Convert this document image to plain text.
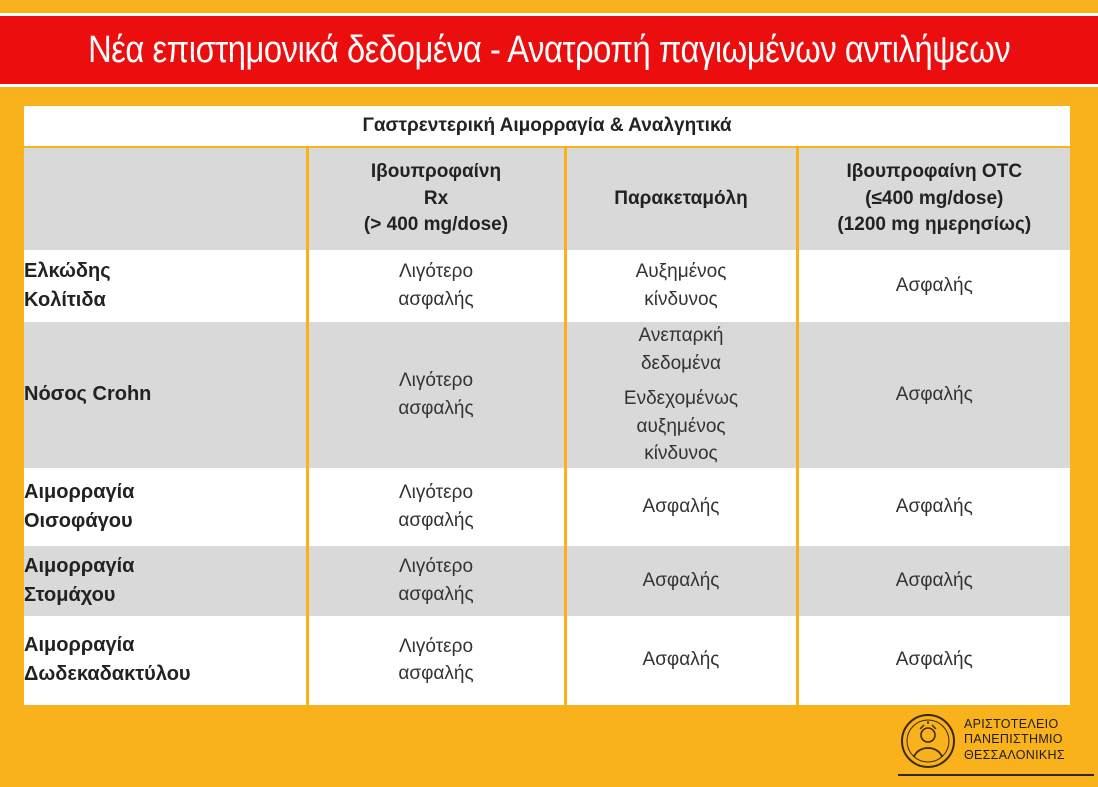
Νέα επιστημονικά δεδομένα - Ανατροπή παγιωμένων αντιλήψεων
Γαστρεντερική Αιμορραγία & Αναλγητικά			

	Ιβουπροφαίνη
Rx
(> 400 mg/dose)	Παρακεταμόλη	Ιβουπροφαίνη OTC
(≤400 mg/dose)
(1200 mg ημερησίως)

Ελκώδης
Κολίτιδα	Λιγότερο
ασφαλής	Αυξημένος
κίνδυνος	Ασφαλής

Νόσος Crohn	Λιγότερο
ασφαλής	Ανεπαρκή
δεδομένα
Ενδεχομένως
αυξημένος
κίνδυνος	Ασφαλής

Αιμορραγία
Οισοφάγου	Λιγότερο
ασφαλής	Ασφαλής	Ασφαλής

Αιμορραγία
Στομάχου	Λιγότερο
ασφαλής	Ασφαλής	Ασφαλής

Αιμορραγία
Δωδεκαδακτύλου	Λιγότερο
ασφαλής	Ασφαλής	Ασφαλής
ΑΡΙΣΤΟΤΕΛΕΙΟ
ΠΑΝΕΠΙΣΤΗΜΙΟ
ΘΕΣΣΑΛΟΝΙΚΗΣ
